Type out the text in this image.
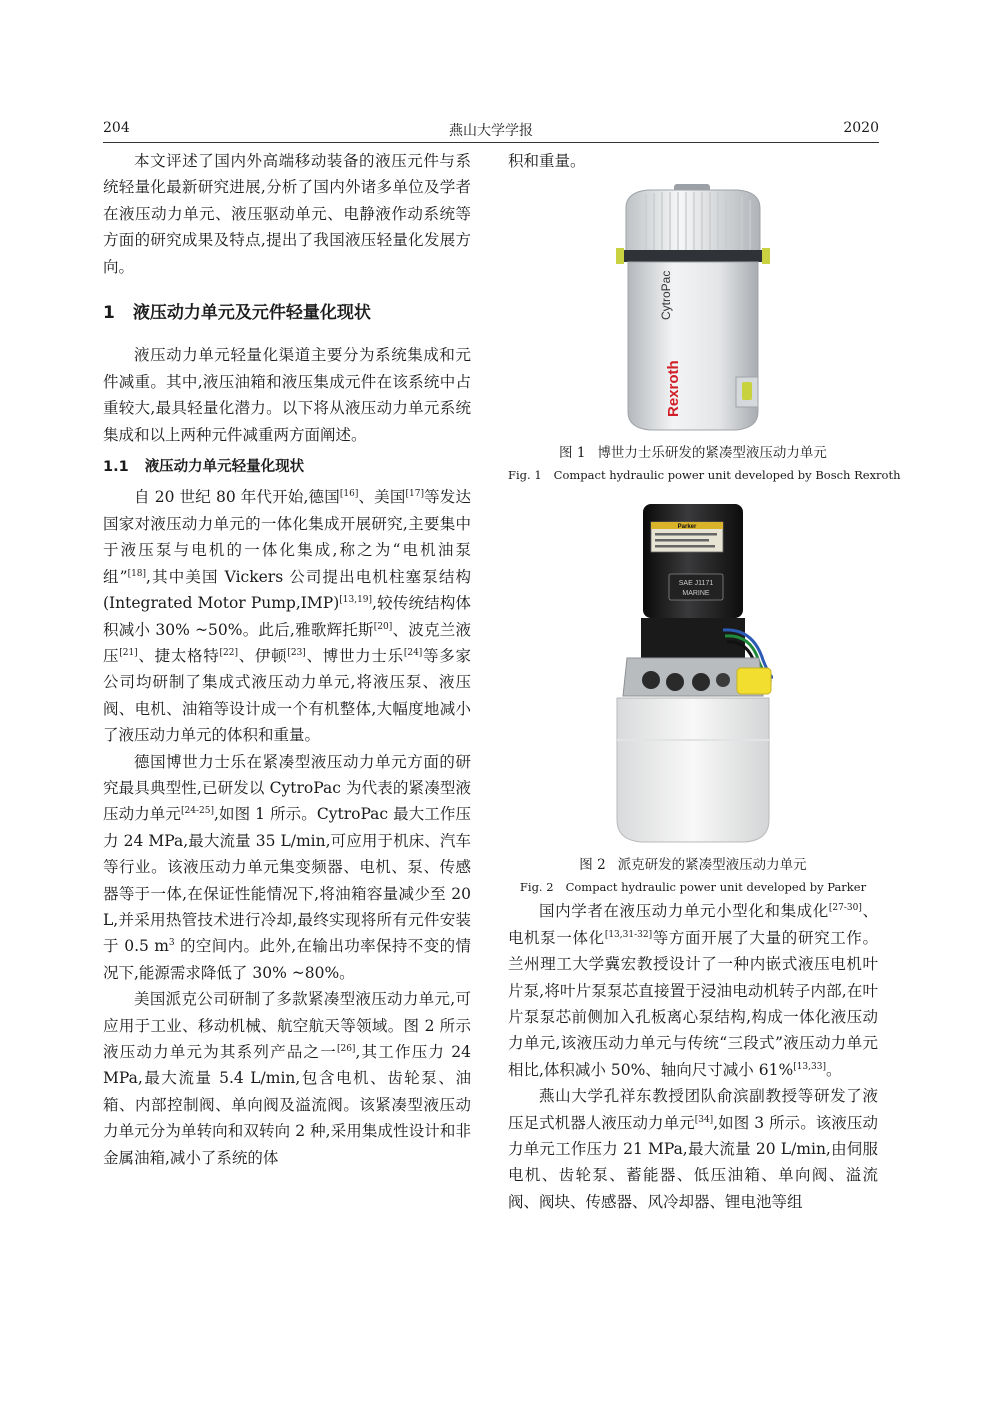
204	燕山大学学报	2020

本文评述了国内外高端移动装备的液压元件与系统轻量化最新研究进展,分析了国内外诸多单位及学者在液压动力单元、液压驱动单元、电静液作动系统等方面的研究成果及特点,提出了我国液压轻量化发展方向。

1 液压动力单元及元件轻量化现状

液压动力单元轻量化渠道主要分为系统集成和元件减重。其中,液压油箱和液压集成元件在该系统中占重较大,最具轻量化潜力。以下将从液压动力单元系统集成和以上两种元件减重两方面阐述。

1.1 液压动力单元轻量化现状

自 20 世纪 80 年代开始,德国[16]、美国[17]等发达国家对液压动力单元的一体化集成开展研究,主要集中于液压泵与电机的一体化集成,称之为“电机油泵组”[18],其中美国 Vickers 公司提出电机柱塞泵结构(Integrated Motor Pump,IMP)[13,19],较传统结构体积减小 30% ~50%。此后,雅歌辉托斯[20]、波克兰液压[21]、捷太格特[22]、伊顿[23]、博世力士乐[24]等多家公司均研制了集成式液压动力单元,将液压泵、液压阀、电机、油箱等设计成一个有机整体,大幅度地减小了液压动力单元的体积和重量。

德国博世力士乐在紧凑型液压动力单元方面的研究最具典型性,已研发以 CytroPac 为代表的紧凑型液压动力单元[24-25],如图 1 所示。CytroPac 最大工作压力 24 MPa,最大流量 35 L/min,可应用于机床、汽车等行业。该液压动力单元集变频器、电机、泵、传感器等于一体,在保证性能情况下,将油箱容量减少至 20 L,并采用热管技术进行冷却,最终实现将所有元件安装于 0.5 $m^3$ 的空间内。此外,在输出功率保持不变的情况下,能源需求降低了 30% ~80%。

美国派克公司研制了多款紧凑型液压动力单元,可应用于工业、移动机械、航空航天等领域。图 2 所示液压动力单元为其系列产品之一[26],其工作压力 24 MPa,最大流量 5.4 L/min,包含电机、齿轮泵、油箱、内部控制阀、单向阀及溢流阀。该紧凑型液压动力单元分为单转向和双转向 2 种,采用集成性设计和非金属油箱,减小了系统的体

积和重量。

Rexroth
CytroPac
图 1 博世力士乐研发的紧凑型液压动力单元
Fig. 1 Compact hydraulic power unit developed by Bosch Rexroth
Parker
SAE J1171
MARINE
图 2 派克研发的紧凑型液压动力单元
Fig. 2 Compact hydraulic power unit developed by Parker

国内学者在液压动力单元小型化和集成化[27-30]、电机泵一体化[13,31-32]等方面开展了大量的研究工作。兰州理工大学冀宏教授设计了一种内嵌式液压电机叶片泵,将叶片泵泵芯直接置于浸油电动机转子内部,在叶片泵泵芯前侧加入孔板离心泵结构,构成一体化液压动力单元,该液压动力单元与传统“三段式”液压动力单元相比,体积减小 50%、轴向尺寸减小 61%[13,33]。

燕山大学孔祥东教授团队俞滨副教授等研发了液压足式机器人液压动力单元[34],如图 3 所示。该液压动力单元工作压力 21 MPa,最大流量 20 L/min,由伺服电机、齿轮泵、蓄能器、低压油箱、单向阀、溢流阀、阀块、传感器、风冷却器、锂电池等组
